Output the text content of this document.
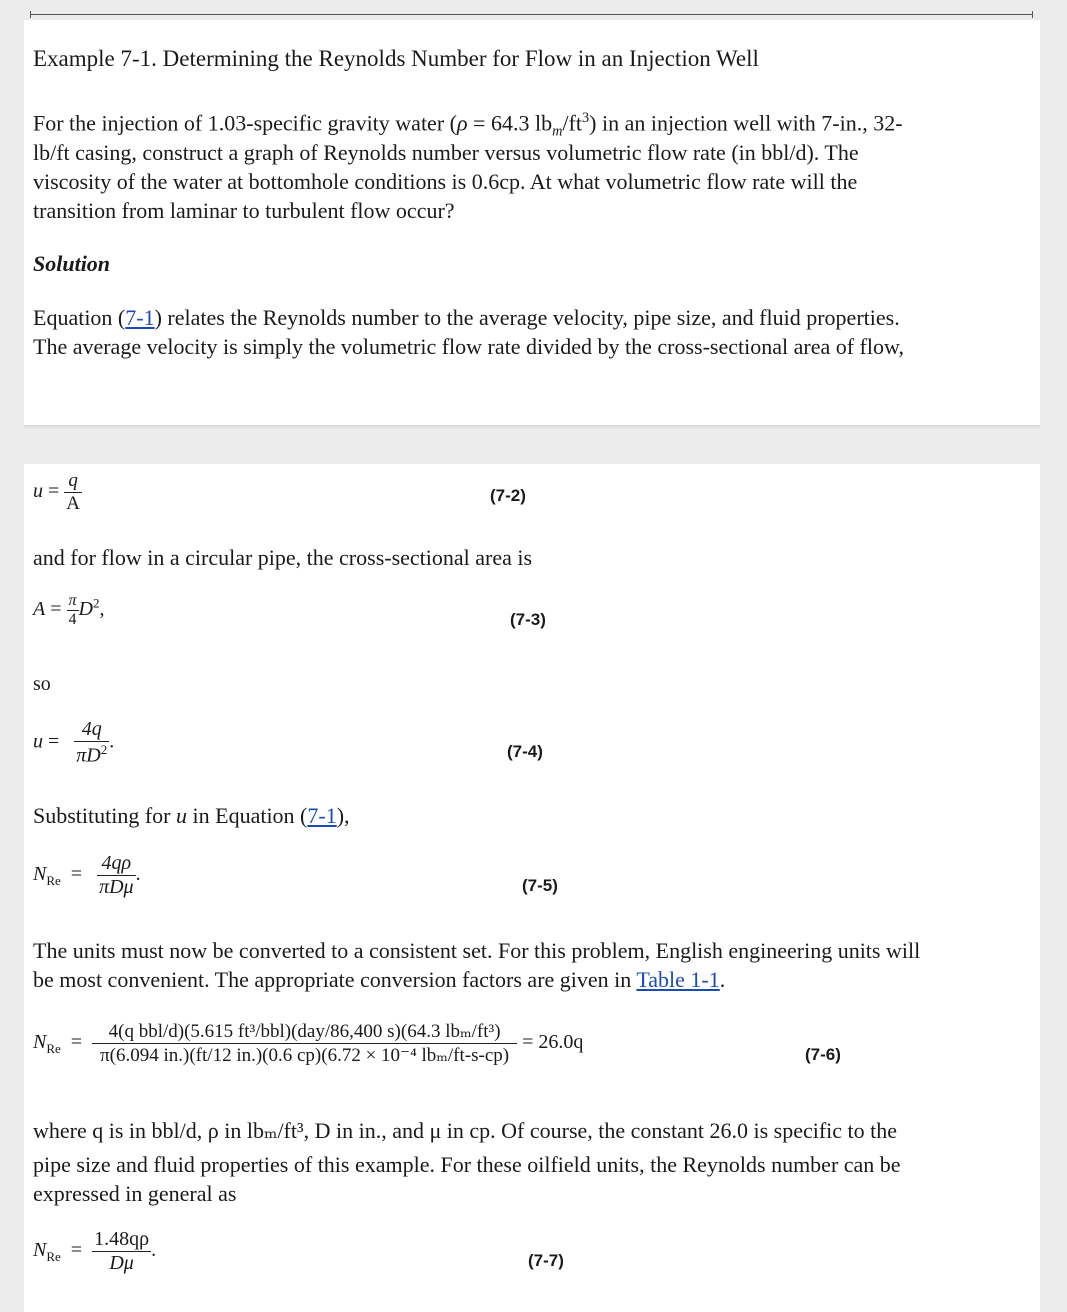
Example 7-1. Determining the Reynolds Number for Flow in an Injection Well
For the injection of 1.03-specific gravity water (ρ = 64.3 $lb_m/ft^3$) in an injection well with 7-in., 32-
lb/ft casing, construct a graph of Reynolds number versus volumetric flow rate (in bbl/d). The
viscosity of the water at bottomhole conditions is 0.6cp. At what volumetric flow rate will the
transition from laminar to turbulent flow occur?
Solution
Equation (7-1) relates the Reynolds number to the average velocity, pipe size, and fluid properties.
The average velocity is simply the volumetric flow rate divided by the cross-sectional area of flow,
$u = \frac{q}{A}$	(7-2)
and for flow in a circular pipe, the cross-sectional area is
$A = \frac{\pi}{4} D^2$,	(7-3)
so
$u = \frac{4q}{\pi D^2}$ .	(7-4)
Substituting for u in Equation (7-1),
$N_{Re} = \frac{4q\rho}{\text{πDμ}}$ .
(7-5)
The units must now be converted to a consistent set. For this problem, English engineering units will
be most convenient. The appropriate conversion factors are given in Table 1-1.
$N_{Re} = \frac{\text{4(q bbl/d)(5.615 ft³/bbl)(day/86,400 s)(64.3 lbₘ/ft³)}}{\text{π(6.094 in.)(ft/12 in.)(0.6 cp)(6.72 × 10⁻⁴ lbₘ/ft-s-cp)}} = 26.0q$
(7-6)
where q is in bbl/d, ρ in lbₘ/ft³, D in in., and μ in cp. Of course, the constant 26.0 is specific to the
pipe size and fluid properties of this example. For these oilfield units, the Reynolds number can be
expressed in general as
$N_{Re} = \frac{1.48q\rho}{D\mu}$ .	(7-7)
